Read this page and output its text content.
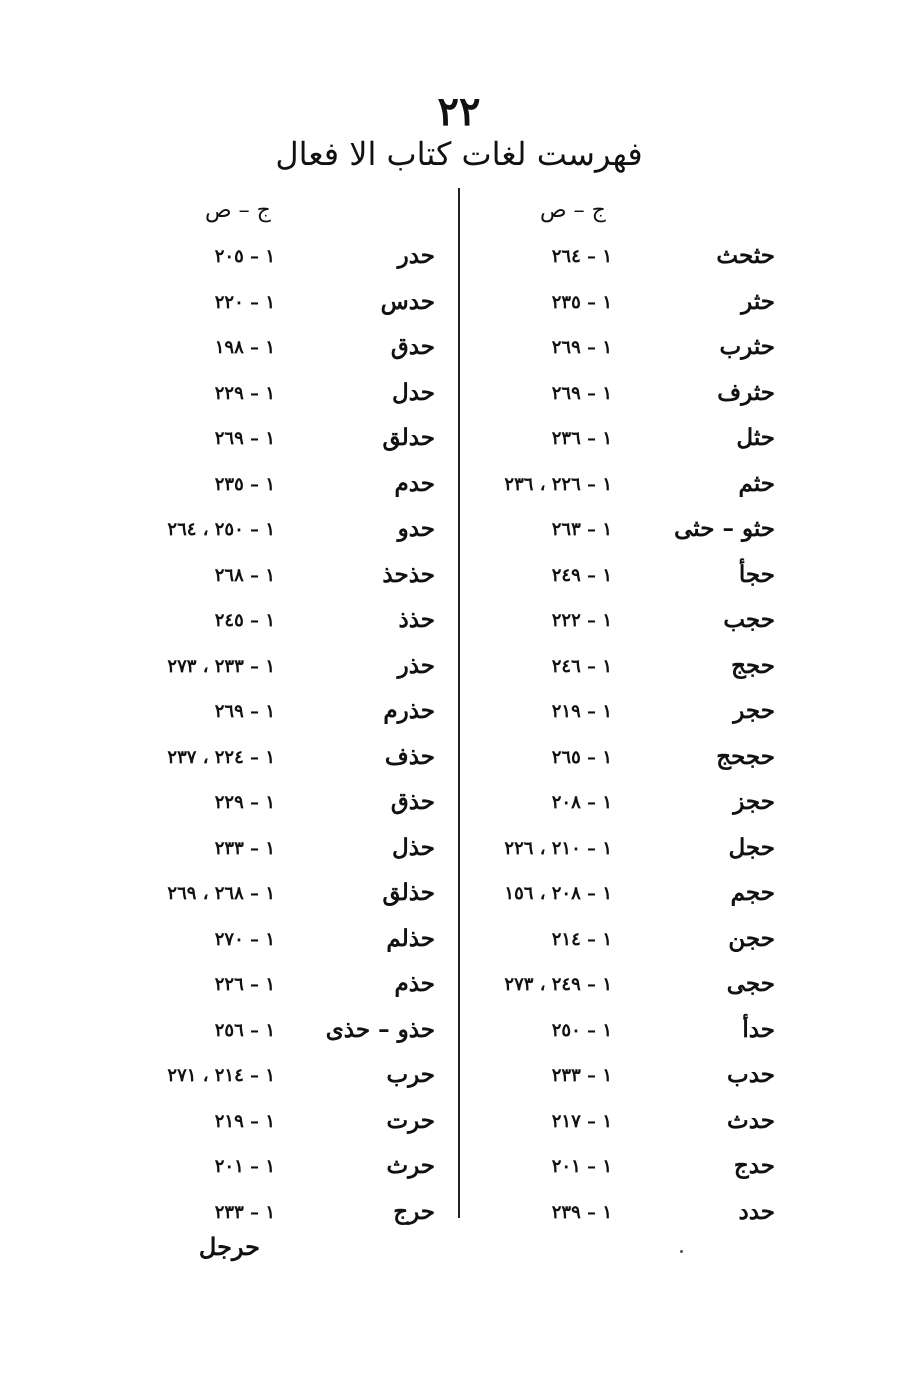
٢٢
فهرست لغات كتاب الا فعال
ج – ص
ج – ص
حثحث
١ – ٢٦٤
حثر
١ – ٢٣٥
حثرب
١ – ٢٦٩
حثرف
١ – ٢٦٩
حثل
١ – ٢٣٦
حثم
١ – ٢٢٦ ، ٢٣٦
حثو – حثى
١ – ٢٦٣
حجأ
١ – ٢٤٩
حجب
١ – ٢٢٢
حجج
١ – ٢٤٦
حجر
١ – ٢١٩
حجحج
١ – ٢٦٥
حجز
١ – ٢٠٨
حجل
١ – ٢١٠ ، ٢٢٦
حجم
١ – ٢٠٨ ، ١٥٦
حجن
١ – ٢١٤
حجى
١ – ٢٤٩ ، ٢٧٣
حدأ
١ – ٢٥٠
حدب
١ – ٢٣٣
حدث
١ – ٢١٧
حدج
١ – ٢٠١
حدد
١ – ٢٣٩
حدر
١ – ٢٠٥
حدس
١ – ٢٢٠
حدق
١ – ١٩٨
حدل
١ – ٢٢٩
حدلق
١ – ٢٦٩
حدم
١ – ٢٣٥
حدو
١ – ٢٥٠ ، ٢٦٤
حذحذ
١ – ٢٦٨
حذذ
١ – ٢٤٥
حذر
١ – ٢٣٣ ، ٢٧٣
حذرم
١ – ٢٦٩
حذف
١ – ٢٢٤ ، ٢٣٧
حذق
١ – ٢٢٩
حذل
١ – ٢٣٣
حذلق
١ – ٢٦٨ ، ٢٦٩
حذلم
١ – ٢٧٠
حذم
١ – ٢٢٦
حذو – حذى
١ – ٢٥٦
حرب
١ – ٢١٤ ، ٢٧١
حرت
١ – ٢١٩
حرث
١ – ٢٠١
حرج
١ – ٢٣٣
حرجل
